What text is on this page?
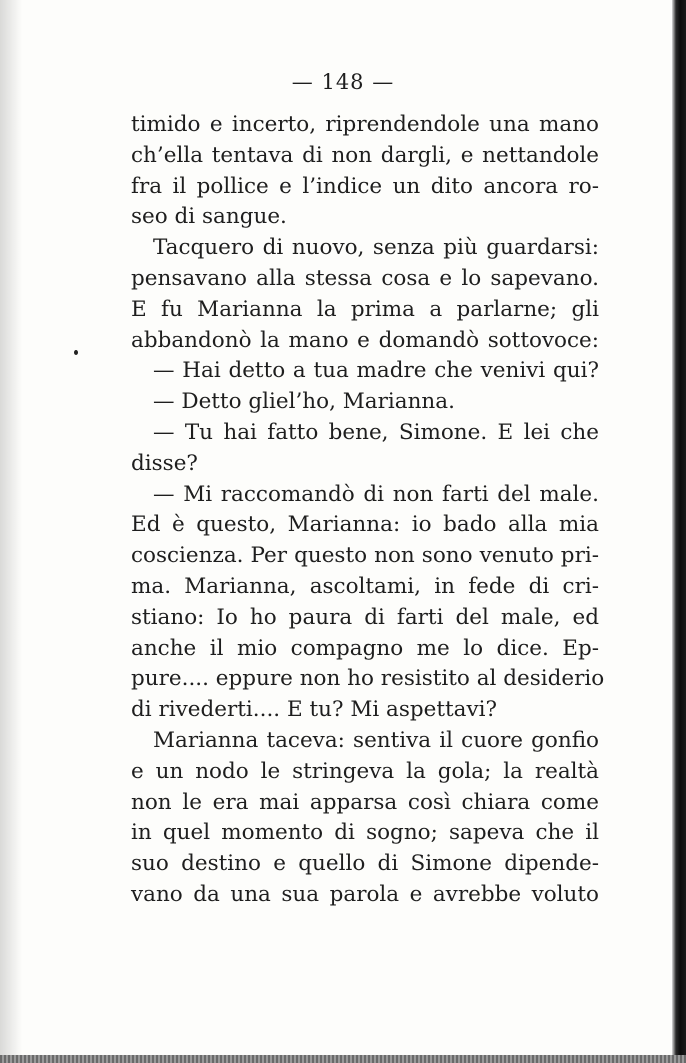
— 148 —
timido e incerto, riprendendole una mano
ch’ella tentava di non dargli, e nettandole
fra il pollice e l’indice un dito ancora ro-
seo di sangue.
Tacquero di nuovo, senza più guardarsi:
pensavano alla stessa cosa e lo sapevano.
E fu Marianna la prima a parlarne; gli
abbandonò la mano e domandò sottovoce:
— Hai detto a tua madre che venivi qui?
— Detto gliel’ho, Marianna.
— Tu hai fatto bene, Simone. E lei che
disse?
— Mi raccomandò di non farti del male.
Ed è questo, Marianna: io bado alla mia
coscienza. Per questo non sono venuto pri-
ma. Marianna, ascoltami, in fede di cri-
stiano: Io ho paura di farti del male, ed
anche il mio compagno me lo dice. Ep-
pure.... eppure non ho resistito al desiderio
di rivederti.... E tu? Mi aspettavi?
Marianna taceva: sentiva il cuore gonfio
e un nodo le stringeva la gola; la realtà
non le era mai apparsa così chiara come
in quel momento di sogno; sapeva che il
suo destino e quello di Simone dipende-
vano da una sua parola e avrebbe voluto
